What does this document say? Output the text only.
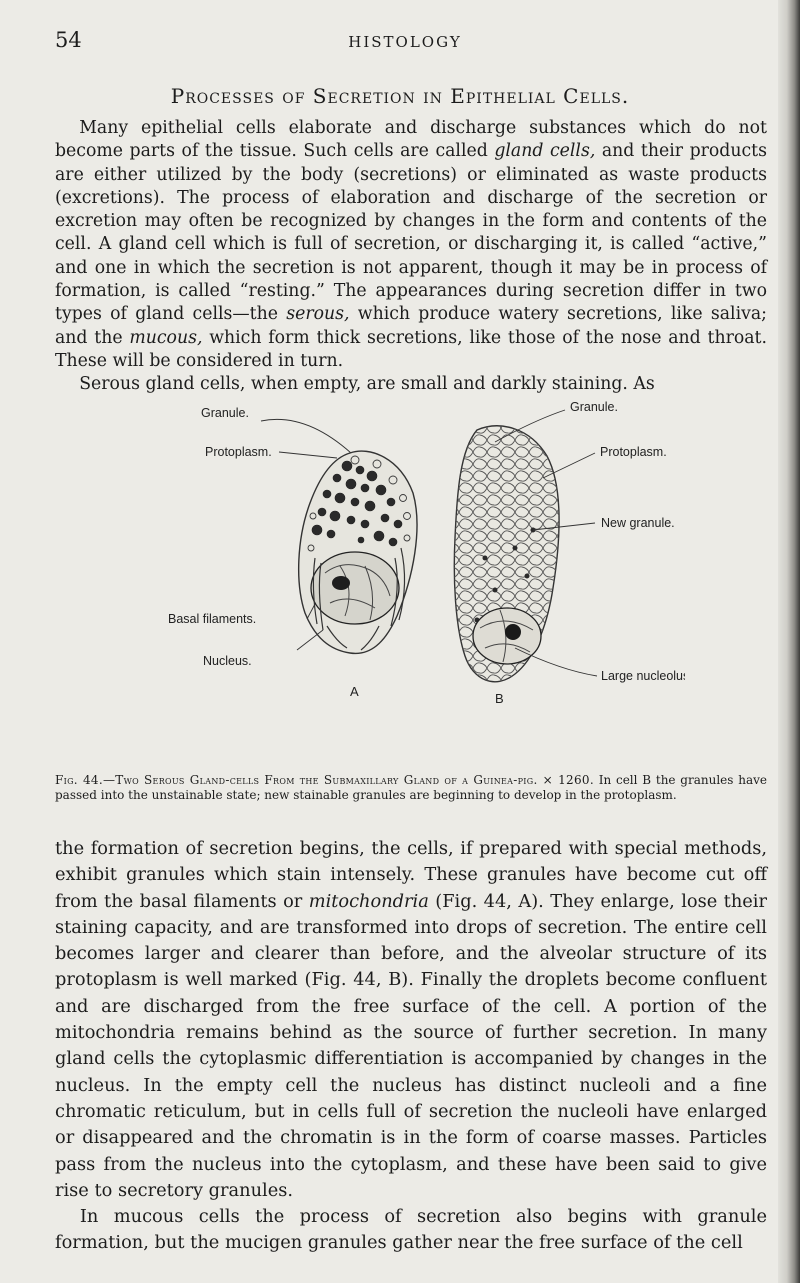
54	HISTOLOGY
Processes of Secretion in Epithelial Cells.

Many epithelial cells elaborate and discharge substances which do not become parts of the tissue. Such cells are called gland cells, and their products are either utilized by the body (secretions) or eliminated as waste products (excretions). The process of elaboration and discharge of the secretion or excretion may often be recognized by changes in the form and contents of the cell. A gland cell which is full of secretion, or discharging it, is called “active,” and one in which the secretion is not apparent, though it may be in process of formation, is called “resting.” The appearances during secretion differ in two types of gland cells—the serous, which produce watery secretions, like saliva; and the mucous, which form thick secretions, like those of the nose and throat. These will be considered in turn.

Serous gland cells, when empty, are small and darkly staining. As

Granule.
Protoplasm.
Basal filaments.
Nucleus.
Granule.
Protoplasm.
New granule.
Large nucleolus.
A	B
Fig. 44.—Two Serous Gland-cells From the Submaxillary Gland of a Guinea-pig. × 1260. In cell B the granules have passed into the unstainable state; new stainable granules are beginning to develop in the protoplasm.

the formation of secretion begins, the cells, if prepared with special methods, exhibit granules which stain intensely. These granules have become cut off from the basal filaments or mitochondria (Fig. 44, A). They enlarge, lose their staining capacity, and are transformed into drops of secretion. The entire cell becomes larger and clearer than before, and the alveolar structure of its protoplasm is well marked (Fig. 44, B). Finally the droplets become confluent and are discharged from the free surface of the cell. A portion of the mitochondria remains behind as the source of further secretion. In many gland cells the cytoplasmic differentiation is accompanied by changes in the nucleus. In the empty cell the nucleus has distinct nucleoli and a fine chromatic reticulum, but in cells full of secretion the nucleoli have enlarged or disappeared and the chromatin is in the form of coarse masses. Particles pass from the nucleus into the cytoplasm, and these have been said to give rise to secretory granules.

In mucous cells the process of secretion also begins with granule formation, but the mucigen granules gather near the free surface of the cell
